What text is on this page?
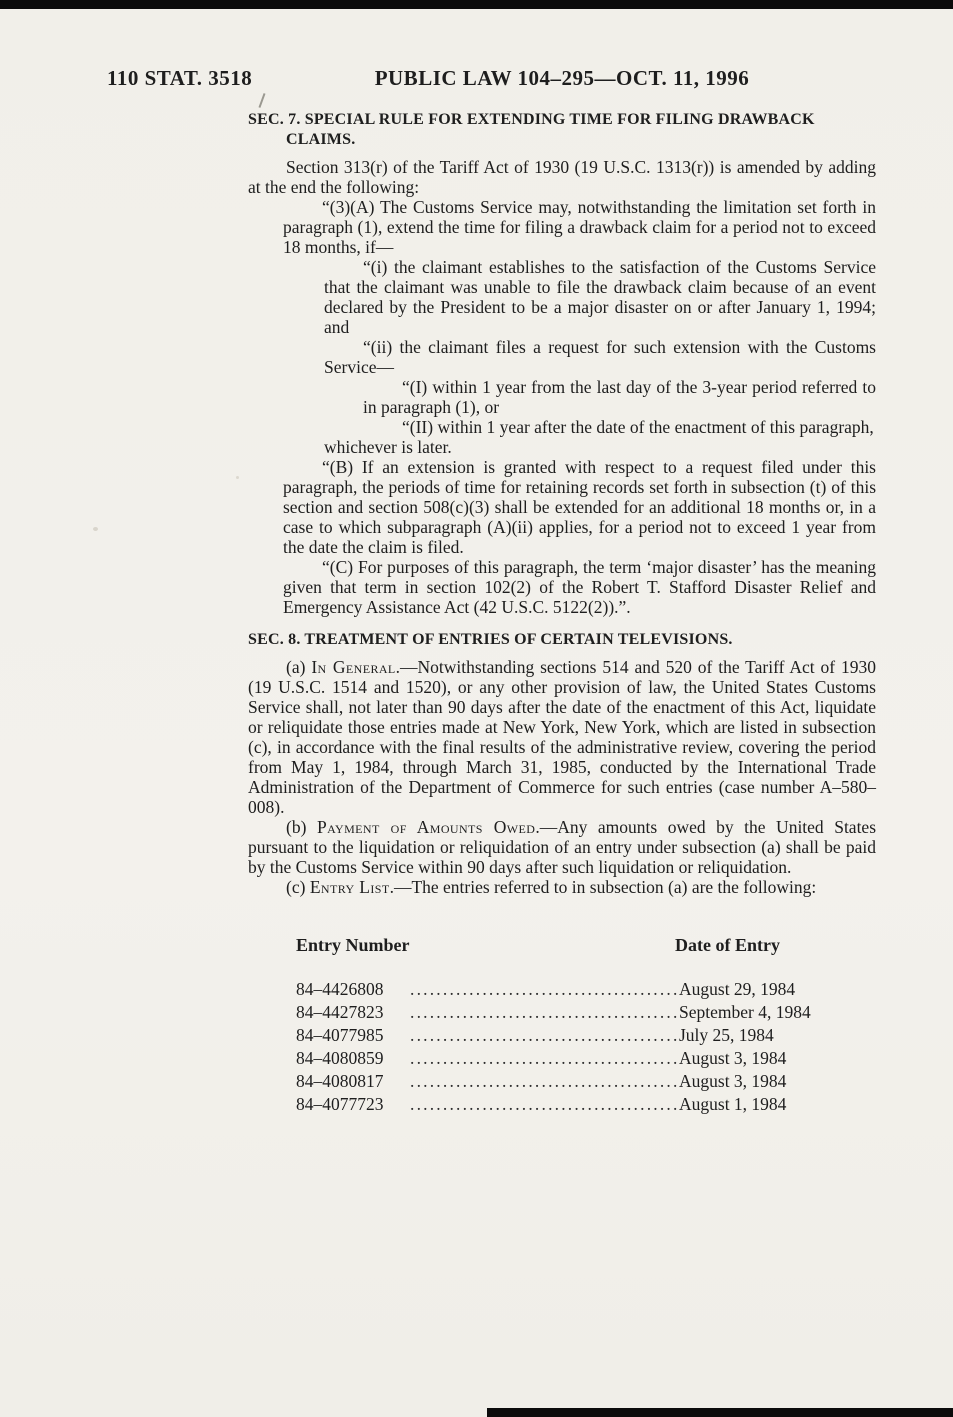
110 STAT. 3518	PUBLIC LAW 104–295—OCT. 11, 1996

SEC. 7. SPECIAL RULE FOR EXTENDING TIME FOR FILING DRAWBACK CLAIMS.

Section 313(r) of the Tariff Act of 1930 (19 U.S.C. 1313(r)) is amended by adding at the end the following:

“(3)(A) The Customs Service may, notwithstanding the limitation set forth in paragraph (1), extend the time for filing a drawback claim for a period not to exceed 18 months, if—

“(i) the claimant establishes to the satisfaction of the Customs Service that the claimant was unable to file the drawback claim because of an event declared by the President to be a major disaster on or after January 1, 1994; and

“(ii) the claimant files a request for such extension with the Customs Service—

“(I) within 1 year from the last day of the 3-year period referred to in paragraph (1), or

“(II) within 1 year after the date of the enactment of this paragraph,

whichever is later.

“(B) If an extension is granted with respect to a request filed under this paragraph, the periods of time for retaining records set forth in subsection (t) of this section and section 508(c)(3) shall be extended for an additional 18 months or, in a case to which subparagraph (A)(ii) applies, for a period not to exceed 1 year from the date the claim is filed.

“(C) For purposes of this paragraph, the term ‘major disaster’ has the meaning given that term in section 102(2) of the Robert T. Stafford Disaster Relief and Emergency Assistance Act (42 U.S.C. 5122(2)).”.

SEC. 8. TREATMENT OF ENTRIES OF CERTAIN TELEVISIONS.

(a) In General.—Notwithstanding sections 514 and 520 of the Tariff Act of 1930 (19 U.S.C. 1514 and 1520), or any other provision of law, the United States Customs Service shall, not later than 90 days after the date of the enactment of this Act, liquidate or reliquidate those entries made at New York, New York, which are listed in subsection (c), in accordance with the final results of the administrative review, covering the period from May 1, 1984, through March 31, 1985, conducted by the International Trade Administration of the Department of Commerce for such entries (case number A–580–008).

(b) Payment of Amounts Owed.—Any amounts owed by the United States pursuant to the liquidation or reliquidation of an entry under subsection (a) shall be paid by the Customs Service within 90 days after such liquidation or reliquidation.

(c) Entry List.—The entries referred to in subsection (a) are the following:

Entry Number	Date of Entry
84–4426808 .....	August 29, 1984
84–4427823 .....	September 4, 1984
84–4077985 .....	July 25, 1984
84–4080859 .....	August 3, 1984
84–4080817 .....	August 3, 1984
84–4077723 .....	August 1, 1984
